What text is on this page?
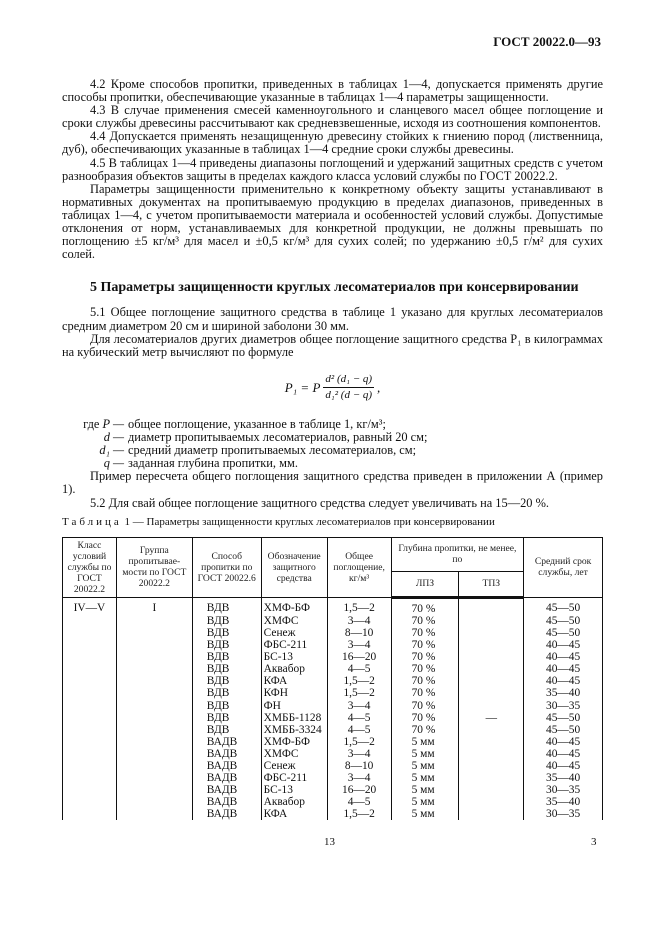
ГОСТ 20022.0—93

4.2 Кроме способов пропитки, приведенных в таблицах 1—4, допускается применять другие способы пропитки, обеспечивающие указанные в таблицах 1—4 параметры защищенности.

4.3 В случае применения смесей каменноугольного и сланцевого масел общее поглощение и сроки службы древесины рассчитывают как средневзвешенные, исходя из соотношения компонентов.

4.4 Допускается применять незащищенную древесину стойких к гниению пород (лиственница, дуб), обеспечивающих указанные в таблицах 1—4 средние сроки службы древесины.

4.5 В таблицах 1—4 приведены диапазоны поглощений и удержаний защитных средств с учетом разнообразия объектов защиты в пределах каждого класса условий службы по ГОСТ 20022.2.

Параметры защищенности применительно к конкретному объекту защиты устанавливают в нормативных документах на пропитываемую продукцию в пределах диапазонов, приведенных в таблицах 1—4, с учетом пропитываемости материала и особенностей условий службы. Допустимые отклонения от норм, устанавливаемых для конкретной продукции, не должны превышать по поглощению ±5 кг/м³ для масел и ±0,5 кг/м³ для сухих солей; по удержанию ±0,5 г/м² для сухих солей.

5 Параметры защищенности круглых лесоматериалов при консервировании

5.1 Общее поглощение защитного средства в таблице 1 указано для круглых лесоматериалов средним диаметром 20 см и шириной заболони 30 мм.

Для лесоматериалов других диаметров общее поглощение защитного средства P₁ в килограммах на кубический метр вычисляют по формуле

P₁ = P $\frac{\text{d² (d₁ − q)}}{\text{d₁² (d − q)}}$ ,
где P — общее поглощение, указанное в таблице 1, кг/м³;
d — диаметр пропитываемых лесоматериалов, равный 20 см;
d₁ — средний диаметр пропитываемых лесоматериалов, см;
q — заданная глубина пропитки, мм.

Пример пересчета общего поглощения защитного средства приведен в приложении А (пример 1).

5.2 Для свай общее поглощение защитного средства следует увеличивать на 15—20 %.

Таблица 1 — Параметры защищенности круглых лесоматериалов при консервировании
Класс условий службы по ГОСТ 20022.2	Группа пропитывае-мости по ГОСТ 20022.2	Способ пропитки по ГОСТ 20022.6	Обозначение защитного средства	Общее поглощение, кг/м³	Глубина пропитки, не менее, по		Средний срок службы, лет
					ЛПЗ	ТПЗ	
IV—V	I	ВДВ	ХМФ-БФ	1,5—2	70 %		45—50
		ВДВ	ХМФС	3—4	70 %		45—50
		ВДВ	Сенеж	8—10	70 %		45—50
		ВДВ	ФБС-211	3—4	70 %		40—45
		ВДВ	БС-13	16—20	70 %		40—45
		ВДВ	Аквабор	4—5	70 %		40—45
		ВДВ	КФА	1,5—2	70 %		40—45
		ВДВ	КФН	1,5—2	70 %		35—40
		ВДВ	ФН	3—4	70 %		30—35
		ВДВ	ХМББ-1128	4—5	70 %	—	45—50
		ВДВ	ХМББ-3324	4—5	70 %		45—50
		ВАДВ	ХМФ-БФ	1,5—2	5 мм		40—45
		ВАДВ	ХМФС	3—4	5 мм		40—45
		ВАДВ	Сенеж	8—10	5 мм		40—45
		ВАДВ	ФБС-211	3—4	5 мм		35—40
		ВАДВ	БС-13	16—20	5 мм		30—35
		ВАДВ	Аквабор	4—5	5 мм		35—40
		ВАДВ	КФА	1,5—2	5 мм		30—35
13	3
